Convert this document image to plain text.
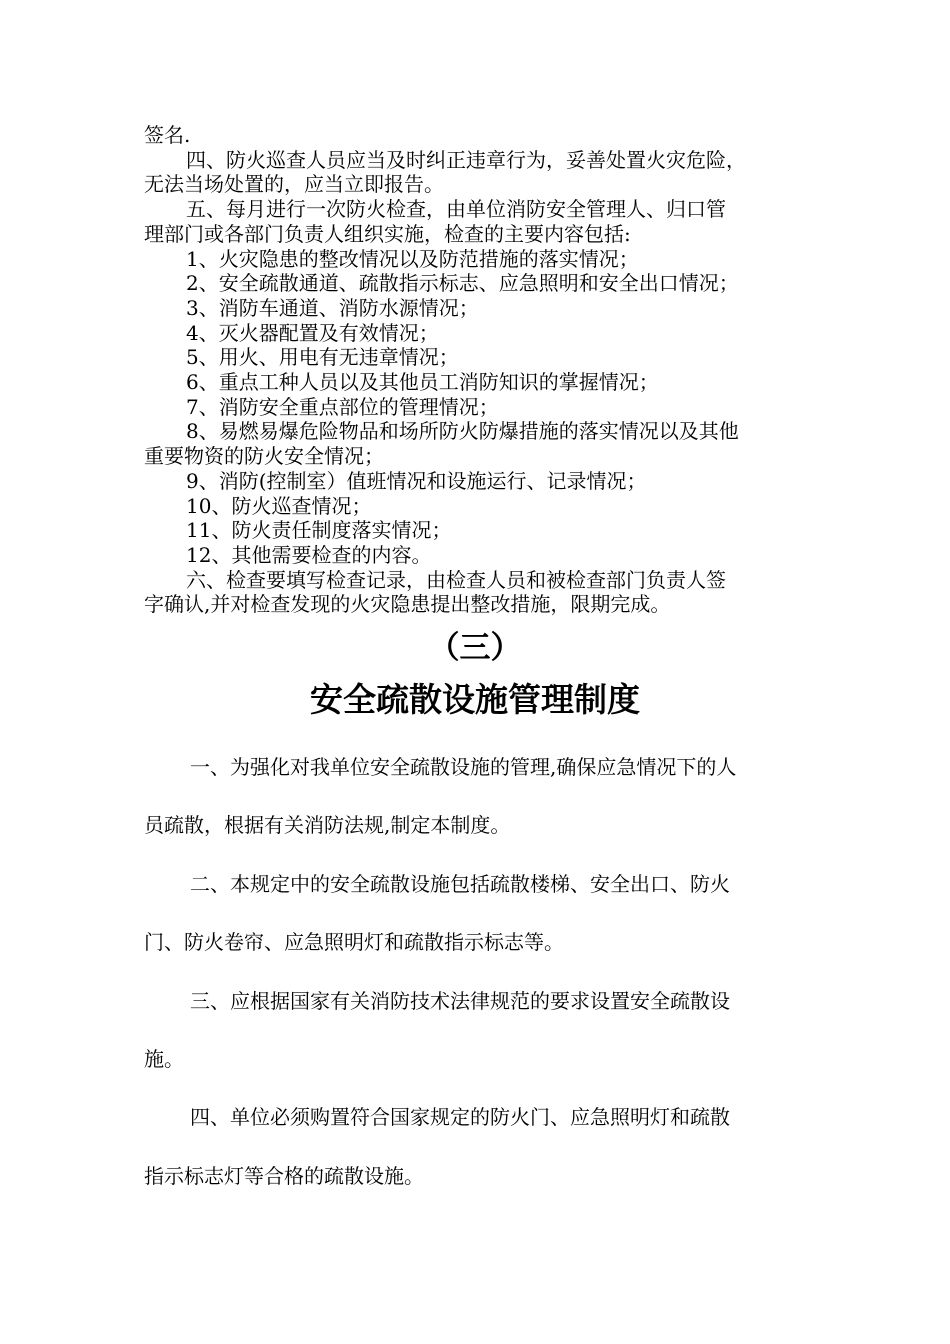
签名.

四、防火巡查人员应当及时纠正违章行为，妥善处置火灾危险，

无法当场处置的，应当立即报告。

五、每月进行一次防火检查，由单位消防安全管理人、归口管

理部门或各部门负责人组织实施，检查的主要内容包括:

1、火灾隐患的整改情况以及防范措施的落实情况；

2、安全疏散通道、疏散指示标志、应急照明和安全出口情况；

3、消防车通道、消防水源情况；

4、灭火器配置及有效情况；

5、用火、用电有无违章情况；

6、重点工种人员以及其他员工消防知识的掌握情况；

7、消防安全重点部位的管理情况；

8、易燃易爆危险物品和场所防火防爆措施的落实情况以及其他

重要物资的防火安全情况；

9、消防(控制室）值班情况和设施运行、记录情况；

10、防火巡查情况；

11、防火责任制度落实情况；

12、其他需要检查的内容。

六、检查要填写检查记录，由检查人员和被检查部门负责人签

字确认,并对检查发现的火灾隐患提出整改措施，限期完成。

（三）
安全疏散设施管理制度

一、为强化对我单位安全疏散设施的管理,确保应急情况下的人

员疏散，根据有关消防法规,制定本制度。

二、本规定中的安全疏散设施包括疏散楼梯、安全出口、防火

门、防火卷帘、应急照明灯和疏散指示标志等。

三、应根据国家有关消防技术法律规范的要求设置安全疏散设

施。

四、单位必须购置符合国家规定的防火门、应急照明灯和疏散

指示标志灯等合格的疏散设施。
